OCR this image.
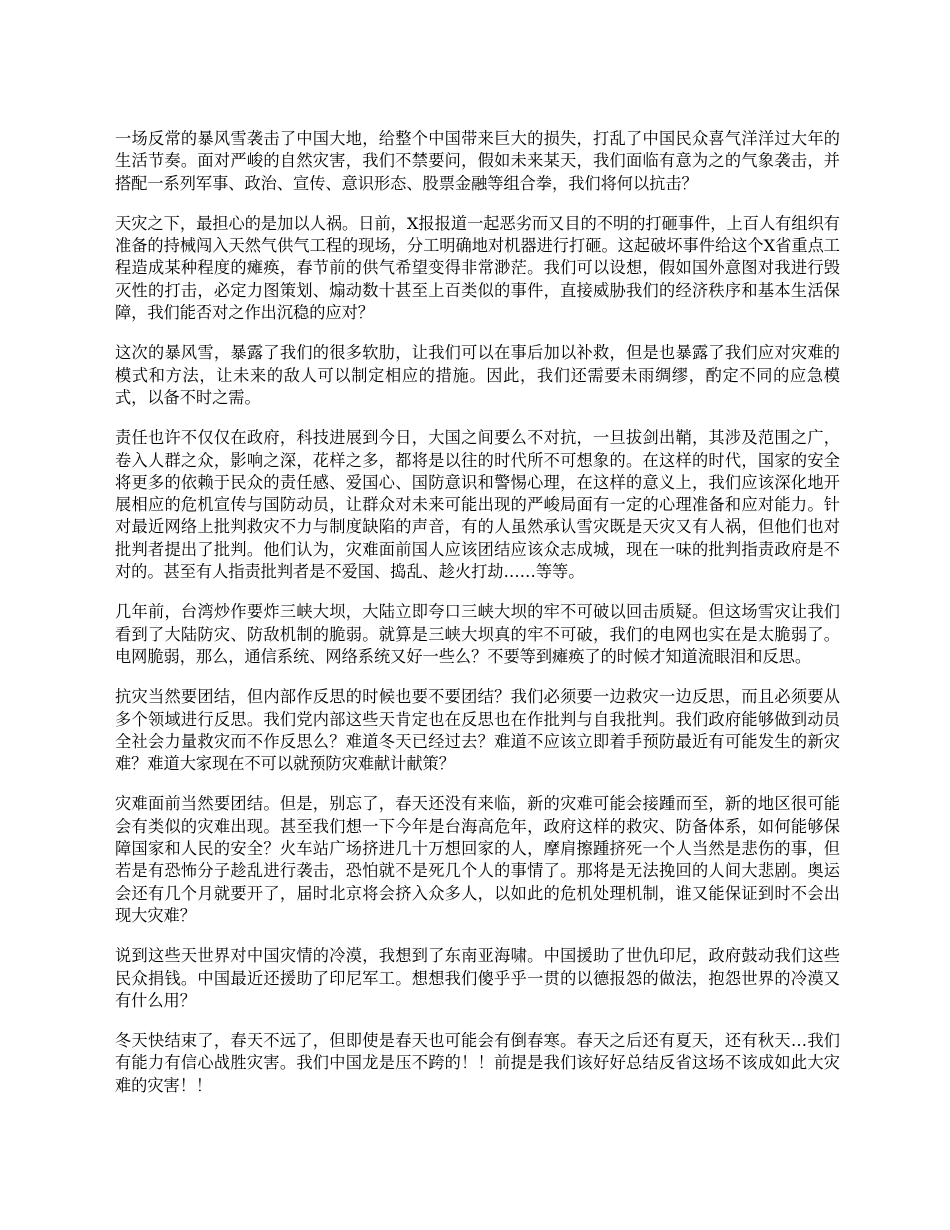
一场反常的暴风雪袭击了中国大地，给整个中国带来巨大的损失，打乱了中国民众喜气洋洋过大年的生活节奏。面对严峻的自然灾害，我们不禁要问，假如未来某天，我们面临有意为之的气象袭击，并搭配一系列军事、政治、宣传、意识形态、股票金融等组合拳，我们将何以抗击？

天灾之下，最担心的是加以人祸。日前，X报报道一起恶劣而又目的不明的打砸事件，上百人有组织有准备的持械闯入天然气供气工程的现场，分工明确地对机器进行打砸。这起破坏事件给这个X省重点工程造成某种程度的瘫痪，春节前的供气希望变得非常渺茫。我们可以设想，假如国外意图对我进行毁灭性的打击，必定力图策划、煽动数十甚至上百类似的事件，直接威胁我们的经济秩序和基本生活保障，我们能否对之作出沉稳的应对？

这次的暴风雪，暴露了我们的很多软肋，让我们可以在事后加以补救，但是也暴露了我们应对灾难的模式和方法，让未来的敌人可以制定相应的措施。因此，我们还需要未雨绸缪，酌定不同的应急模式，以备不时之需。

责任也许不仅仅在政府，科技进展到今日，大国之间要么不对抗，一旦拔剑出鞘，其涉及范围之广，卷入人群之众，影响之深，花样之多，都将是以往的时代所不可想象的。在这样的时代，国家的安全将更多的依赖于民众的责任感、爱国心、国防意识和警惕心理，在这样的意义上，我们应该深化地开展相应的危机宣传与国防动员，让群众对未来可能出现的严峻局面有一定的心理准备和应对能力。针对最近网络上批判救灾不力与制度缺陷的声音，有的人虽然承认雪灾既是天灾又有人祸，但他们也对批判者提出了批判。他们认为，灾难面前国人应该团结应该众志成城，现在一味的批判指责政府是不对的。甚至有人指责批判者是不爱国、捣乱、趁火打劫……等等。

几年前，台湾炒作要炸三峡大坝，大陆立即夸口三峡大坝的牢不可破以回击质疑。但这场雪灾让我们看到了大陆防灾、防敌机制的脆弱。就算是三峡大坝真的牢不可破，我们的电网也实在是太脆弱了。电网脆弱，那么，通信系统、网络系统又好一些么？不要等到瘫痪了的时候才知道流眼泪和反思。

抗灾当然要团结，但内部作反思的时候也要不要团结？我们必须要一边救灾一边反思，而且必须要从多个领域进行反思。我们党内部这些天肯定也在反思也在作批判与自我批判。我们政府能够做到动员全社会力量救灾而不作反思么？难道冬天已经过去？难道不应该立即着手预防最近有可能发生的新灾难？难道大家现在不可以就预防灾难献计献策？

灾难面前当然要团结。但是，别忘了，春天还没有来临，新的灾难可能会接踵而至，新的地区很可能会有类似的灾难出现。甚至我们想一下今年是台海高危年，政府这样的救灾、防备体系，如何能够保障国家和人民的安全？火车站广场挤进几十万想回家的人，摩肩擦踵挤死一个人当然是悲伤的事，但若是有恐怖分子趁乱进行袭击，恐怕就不是死几个人的事情了。那将是无法挽回的人间大悲剧。奥运会还有几个月就要开了，届时北京将会挤入众多人，以如此的危机处理机制，谁又能保证到时不会出现大灾难？

说到这些天世界对中国灾情的冷漠，我想到了东南亚海啸。中国援助了世仇印尼，政府鼓动我们这些民众捐钱。中国最近还援助了印尼军工。想想我们傻乎乎一贯的以德报怨的做法，抱怨世界的冷漠又有什么用？

冬天快结束了，春天不远了，但即使是春天也可能会有倒春寒。春天之后还有夏天，还有秋天…我们有能力有信心战胜灾害。我们中国龙是压不跨的！！前提是我们该好好总结反省这场不该成如此大灾难的灾害！！
